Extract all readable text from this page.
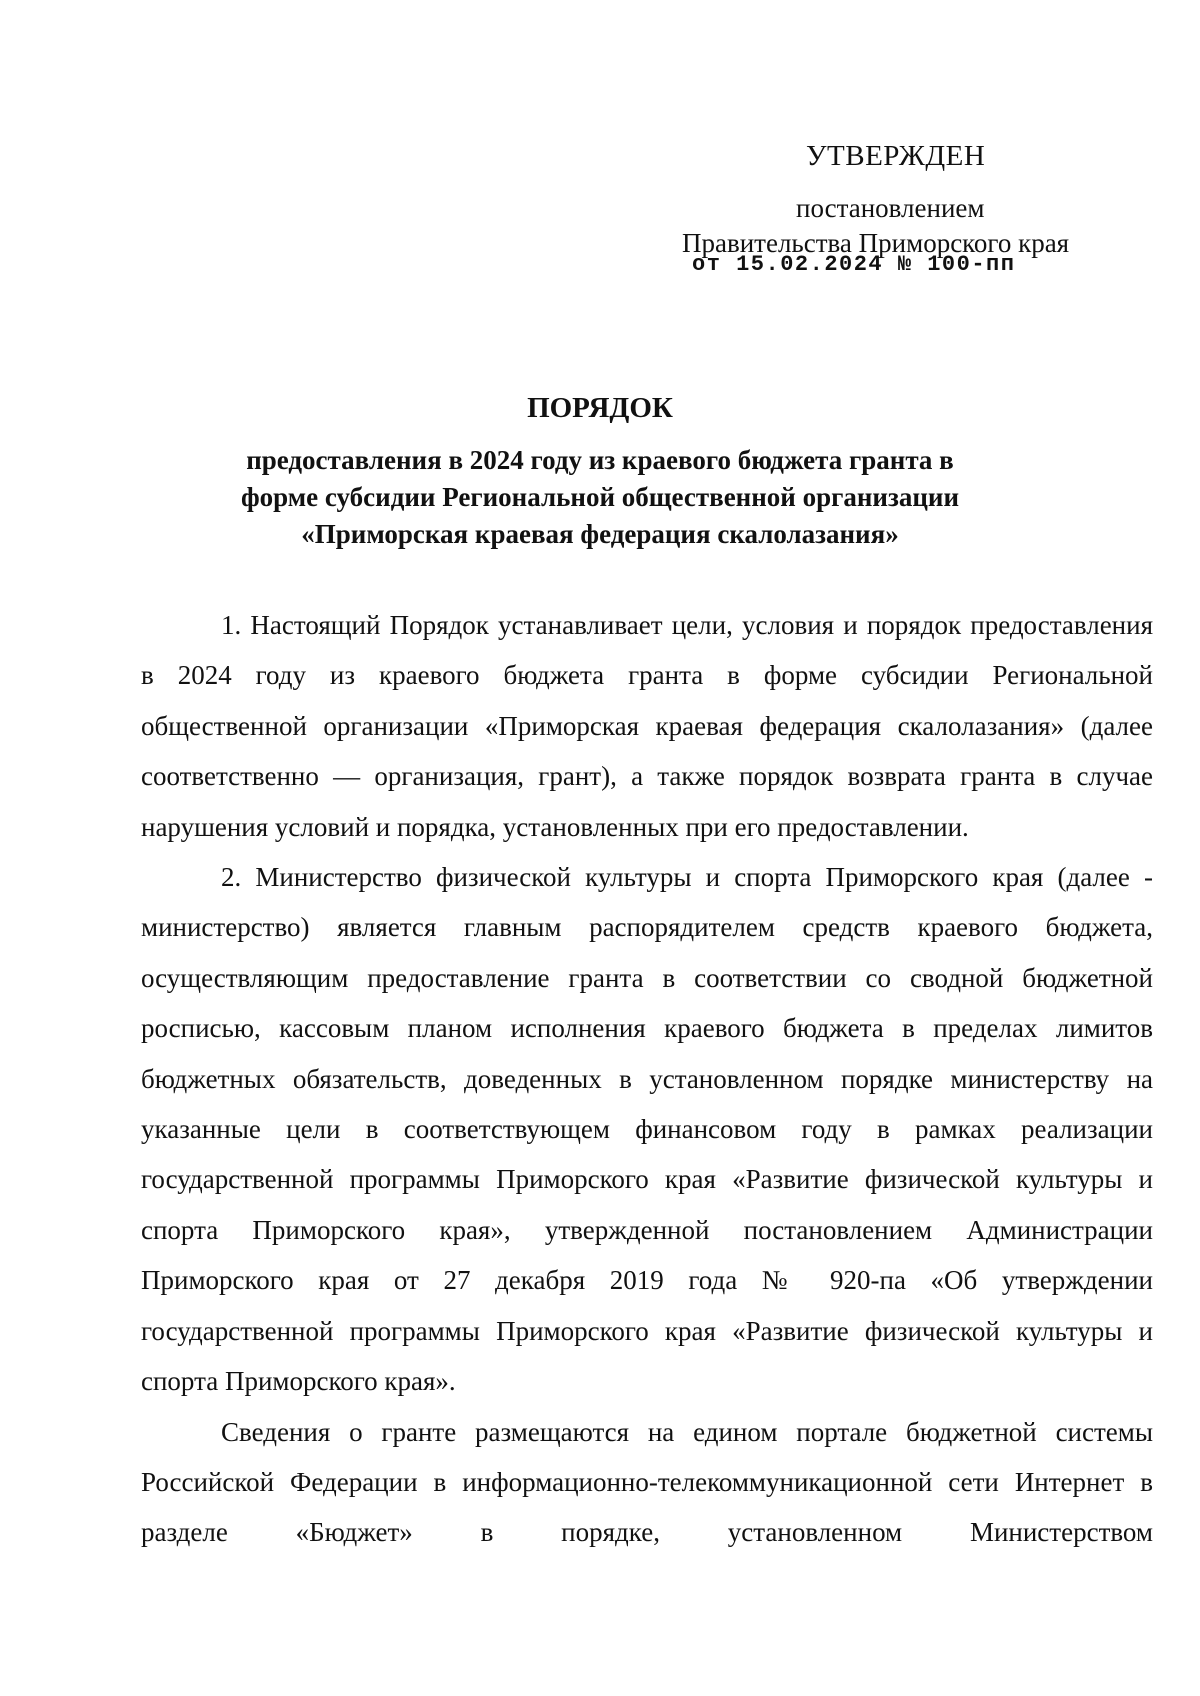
УТВЕРЖДЕН
постановлением
Правительства Приморского края
от 15.02.2024 № 100-пп
ПОРЯДОК
предоставления в 2024 году из краевого бюджета гранта в
форме субсидии Региональной общественной организации
«Приморская краевая федерация скалолазания»

1. Настоящий Порядок устанавливает цели, условия и порядок предоставления в 2024 году из краевого бюджета гранта в форме субсидии Региональной общественной организации «Приморская краевая федерация скалолазания» (далее соответственно — организация, грант), а также порядок возврата гранта в случае нарушения условий и порядка, установленных при его предоставлении.

2. Министерство физической культуры и спорта Приморского края (далее - министерство) является главным распорядителем средств краевого бюджета, осуществляющим предоставление гранта в соответствии со сводной бюджетной росписью, кассовым планом исполнения краевого бюджета в пределах лимитов бюджетных обязательств, доведенных в установленном порядке министерству на указанные цели в соответствующем финансовом году в рамках реализации государственной программы Приморского края «Развитие физической культуры и спорта Приморского края», утвержденной постановлением Администрации Приморского края от 27 декабря 2019 года № 920-па «Об утверждении государственной программы Приморского края «Развитие физической культуры и спорта Приморского края».

Сведения о гранте размещаются на едином портале бюджетной системы Российской Федерации в информационно-телекоммуникационной сети Интернет в разделе «Бюджет» в порядке, установленном Министерством
